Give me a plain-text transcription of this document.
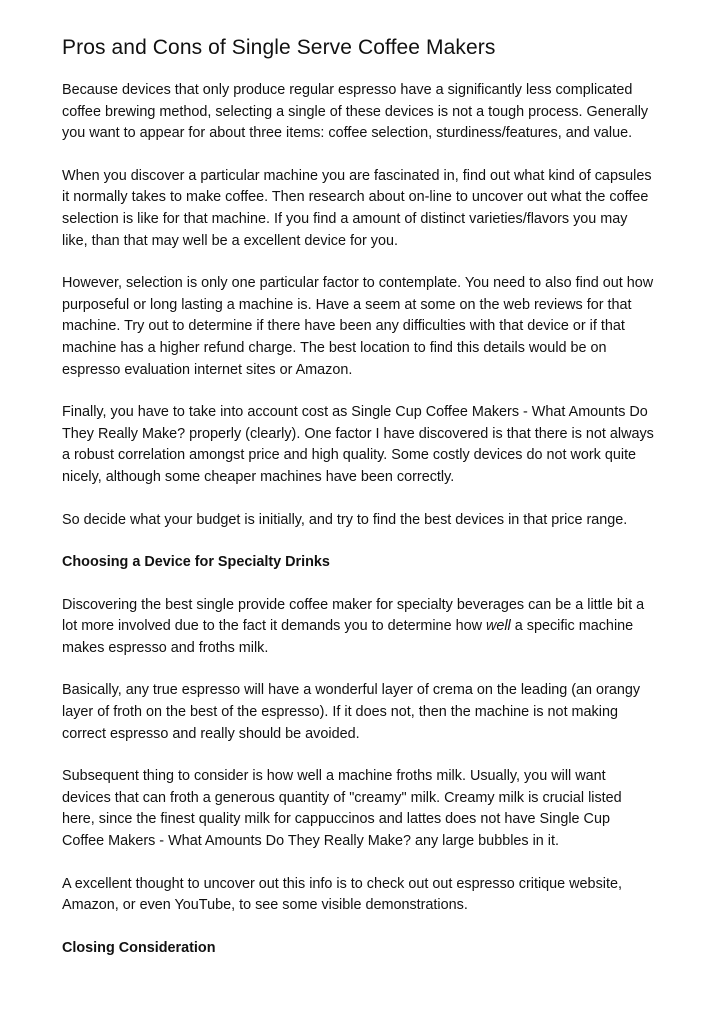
Pros and Cons of Single Serve Coffee Makers

Because devices that only produce regular espresso have a significantly less complicated
coffee brewing method, selecting a single of these devices is not a tough process. Generally
you want to appear for about three items: coffee selection, sturdiness/features, and value.

When you discover a particular machine you are fascinated in, find out what kind of capsules
it normally takes to make coffee. Then research about on-line to uncover out what the coffee
selection is like for that machine. If you find a amount of distinct varieties/flavors you may
like, than that may well be a excellent device for you.

However, selection is only one particular factor to contemplate. You need to also find out how
purposeful or long lasting a machine is. Have a seem at some on the web reviews for that
machine. Try out to determine if there have been any difficulties with that device or if that
machine has a higher refund charge. The best location to find this details would be on
espresso evaluation internet sites or Amazon.

Finally, you have to take into account cost as Single Cup Coffee Makers - What Amounts Do
They Really Make? properly (clearly). One factor I have discovered is that there is not always
a robust correlation amongst price and high quality. Some costly devices do not work quite
nicely, although some cheaper machines have been correctly.

So decide what your budget is initially, and try to find the best devices in that price range.

Choosing a Device for Specialty Drinks

Discovering the best single provide coffee maker for specialty beverages can be a little bit a
lot more involved due to the fact it demands you to determine how well a specific machine
makes espresso and froths milk.

Basically, any true espresso will have a wonderful layer of crema on the leading (an orangy
layer of froth on the best of the espresso). If it does not, then the machine is not making
correct espresso and really should be avoided.

Subsequent thing to consider is how well a machine froths milk. Usually, you will want
devices that can froth a generous quantity of "creamy" milk. Creamy milk is crucial listed
here, since the finest quality milk for cappuccinos and lattes does not have Single Cup
Coffee Makers - What Amounts Do They Really Make? any large bubbles in it.

A excellent thought to uncover out this info is to check out out espresso critique website,
Amazon, or even YouTube, to see some visible demonstrations.

Closing Consideration
